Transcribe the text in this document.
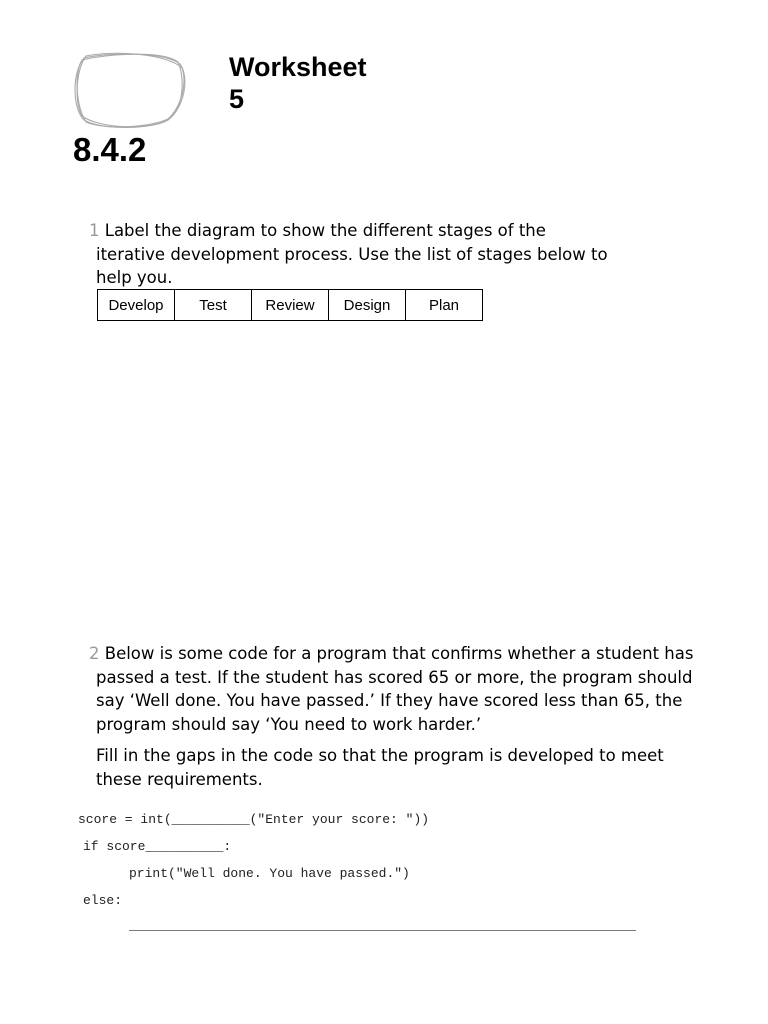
Worksheet 5
8.4.2
1 Label the diagram to show the different stages of the iterative development process. Use the list of stages below to help you.
Develop	Test	Review	Design	Plan
2 Below is some code for a program that confirms whether a student has passed a test. If the student has scored 65 or more, the program should say ‘Well done. You have passed.’ If they have scored less than 65, the program should say ‘You need to work harder.’
Fill in the gaps in the code so that the program is developed to meet these requirements.
score = int(__________("Enter your score: "))
if score__________:
print("Well done. You have passed.")
else:
_________________________________________________________________
